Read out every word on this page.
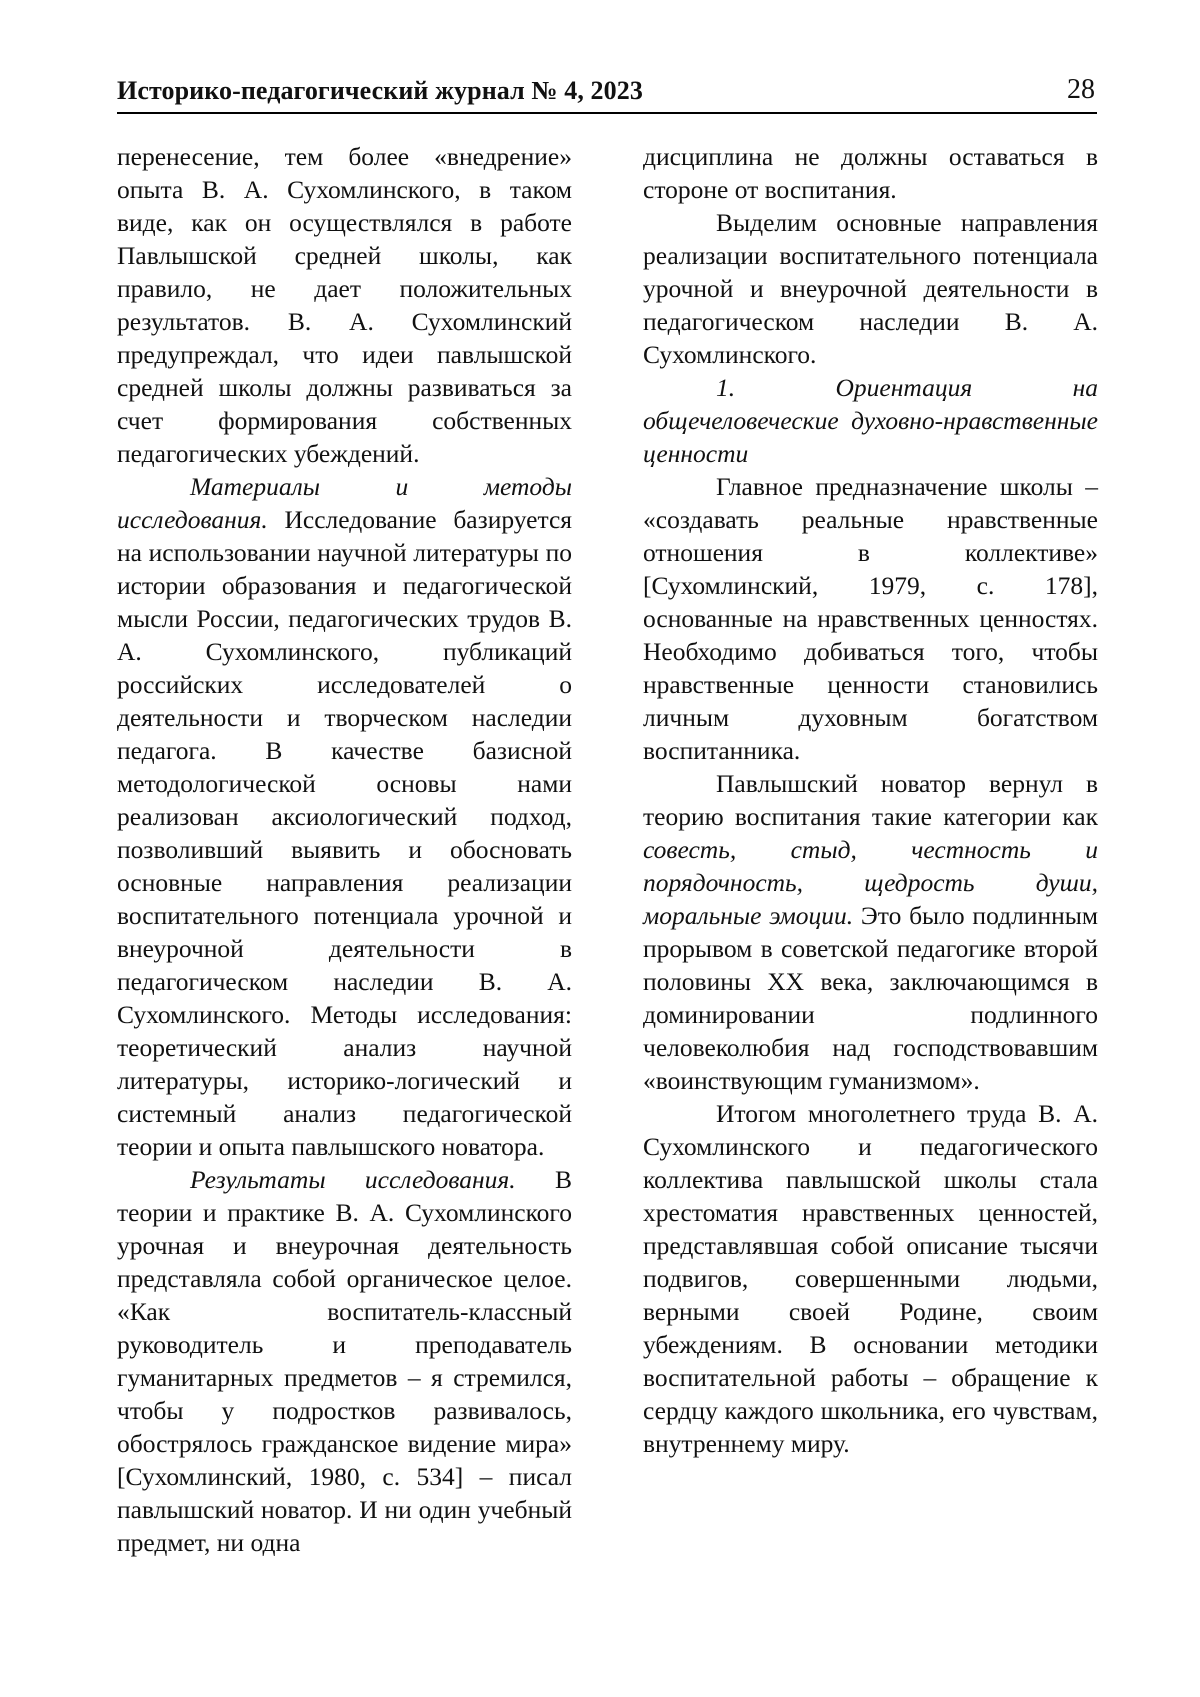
Историко-педагогический журнал № 4, 2023	28

перенесение, тем более «внедрение» опыта В. А. Сухомлинского, в таком виде, как он осуществлялся в работе Павлышской средней школы, как правило, не дает положительных результатов. В. А. Сухомлинский предупреждал, что идеи павлышской средней школы должны развиваться за счет формирования собственных педагогических убеждений.

Материалы и методы исследования. Исследование базируется на использовании научной литературы по истории образования и педагогической мысли России, педагогических трудов В. А. Сухомлинского, публикаций российских исследователей о деятельности и творческом наследии педагога. В качестве базисной методологической основы нами реализован аксиологический подход, позволивший выявить и обосновать основные направления реализации воспитательного потенциала урочной и внеурочной деятельности в педагогическом наследии В. А. Сухомлинского. Методы исследования: теоретический анализ научной литературы, историко-логический и системный анализ педагогической теории и опыта павлышского новатора.

Результаты исследования. В теории и практике В. А. Сухомлинского урочная и внеурочная деятельность представляла собой органическое целое. «Как воспитатель-классный руководитель и преподаватель гуманитарных предметов – я стремился, чтобы у подростков развивалось, обострялось гражданское видение мира» [Сухомлинский, 1980, с. 534] – писал павлышский новатор. И ни один учебный предмет, ни одна

дисциплина не должны оставаться в стороне от воспитания.

Выделим основные направления реализации воспитательного потенциала урочной и внеурочной деятельности в педагогическом наследии В. А. Сухомлинского.

1. Ориентация на общечеловеческие духовно-нравственные ценности

Главное предназначение школы – «создавать реальные нравственные отношения в коллективе» [Сухомлинский, 1979, с. 178], основанные на нравственных ценностях. Необходимо добиваться того, чтобы нравственные ценности становились личным духовным богатством воспитанника.

Павлышский новатор вернул в теорию воспитания такие категории как совесть, стыд, честность и порядочность, щедрость души, моральные эмоции. Это было подлинным прорывом в советской педагогике второй половины XX века, заключающимся в доминировании подлинного человеколюбия над господствовавшим «воинствующим гуманизмом».

Итогом многолетнего труда В. А. Сухомлинского и педагогического коллектива павлышской школы стала хрестоматия нравственных ценностей, представлявшая собой описание тысячи подвигов, совершенными людьми, верными своей Родине, своим убеждениям. В основании методики воспитательной работы – обращение к сердцу каждого школьника, его чувствам, внутреннему миру.
